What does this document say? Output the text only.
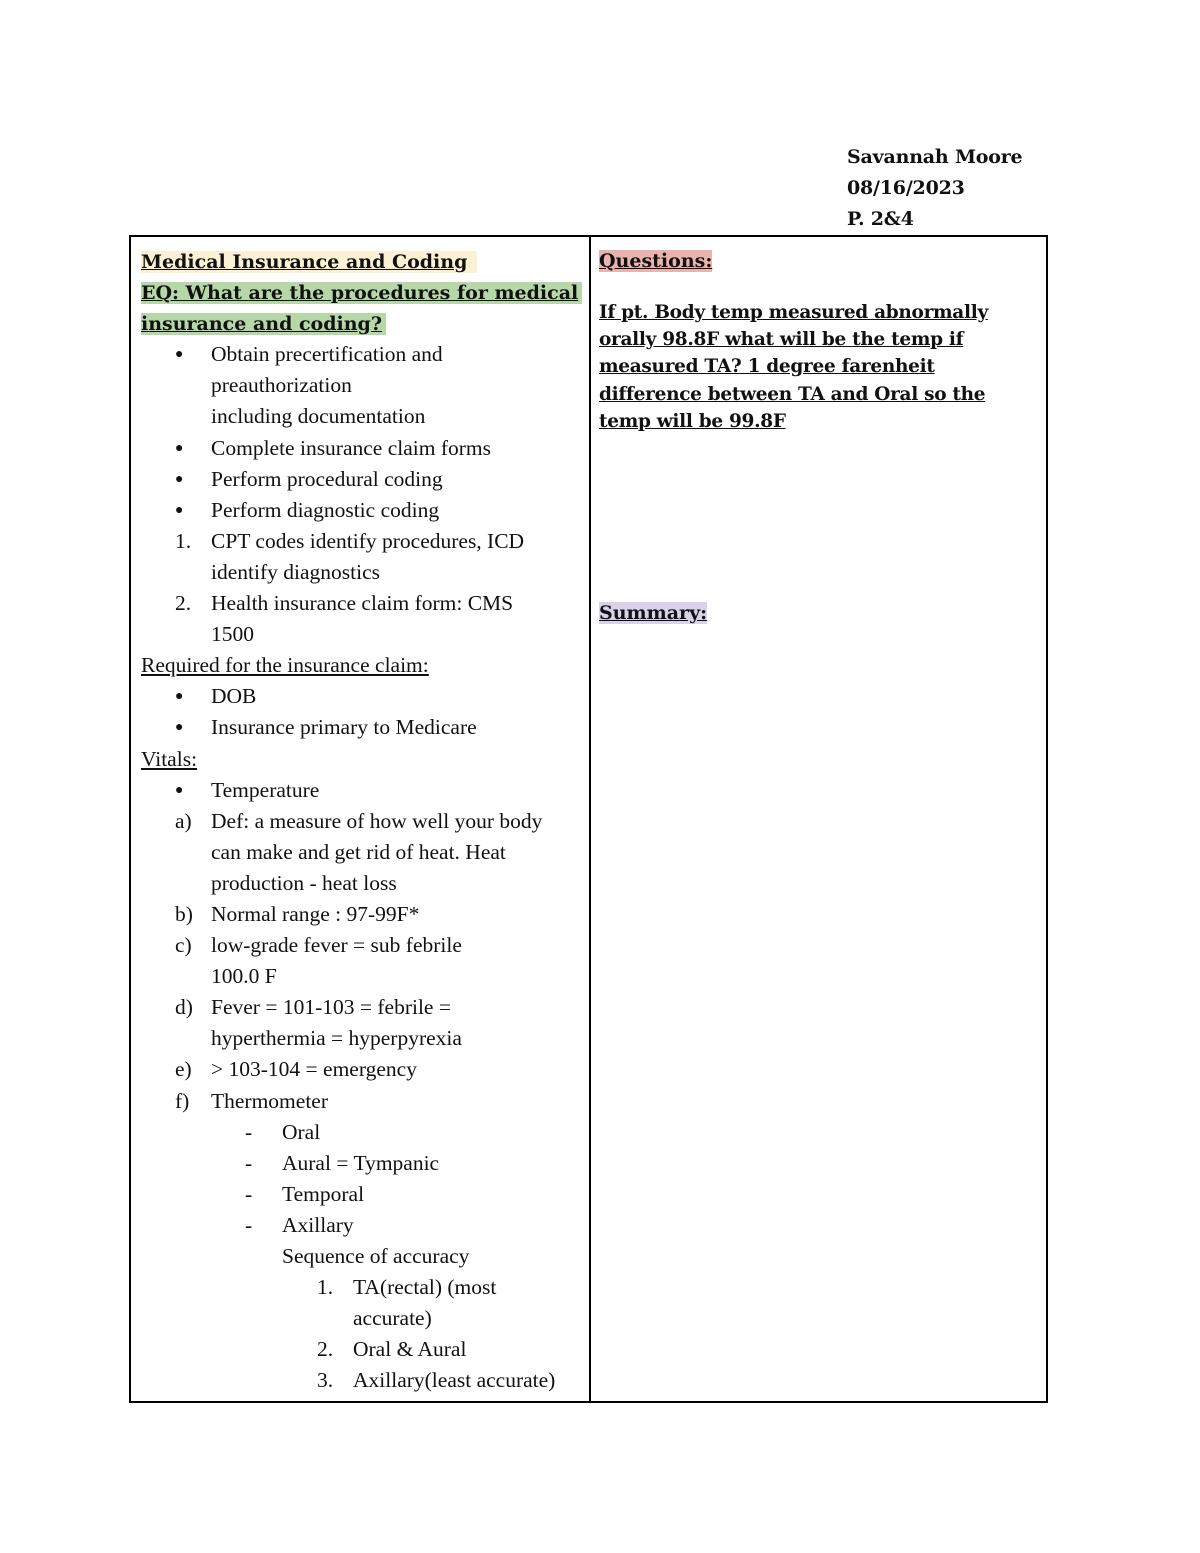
Savannah Moore
08/16/2023
P. 2&4
Medical Insurance and Coding
EQ: What are the procedures for medical
insurance and coding?
●	Obtain precertification and
preauthorization
including documentation
●	Complete insurance claim forms
●	Perform procedural coding
●	Perform diagnostic coding
1. CPT codes identify procedures, ICD
identify diagnostics
2. Health insurance claim form: CMS
1500
Required for the insurance claim:
●	DOB
●	Insurance primary to Medicare
Vitals:
●	Temperature
a) Def: a measure of how well your body
can make and get rid of heat. Heat
production - heat loss
b) Normal range : 97-99F*
c) low-grade fever = sub febrile
100.0 F
d) Fever = 101-103 = febrile =
hyperthermia = hyperpyrexia
e) > 103-104 = emergency
f)	Thermometer
-	Oral
-	Aural = Tympanic
-	Temporal
-	Axillary
Sequence of accuracy
1. TA(rectal) (most
accurate)
2. Oral & Aural
3. Axillary(least accurate)
Questions:
If pt. Body temp measured abnormally
orally 98.8F what will be the temp if
measured TA? 1 degree farenheit
difference between TA and Oral so the
temp will be 99.8F
Summary:
